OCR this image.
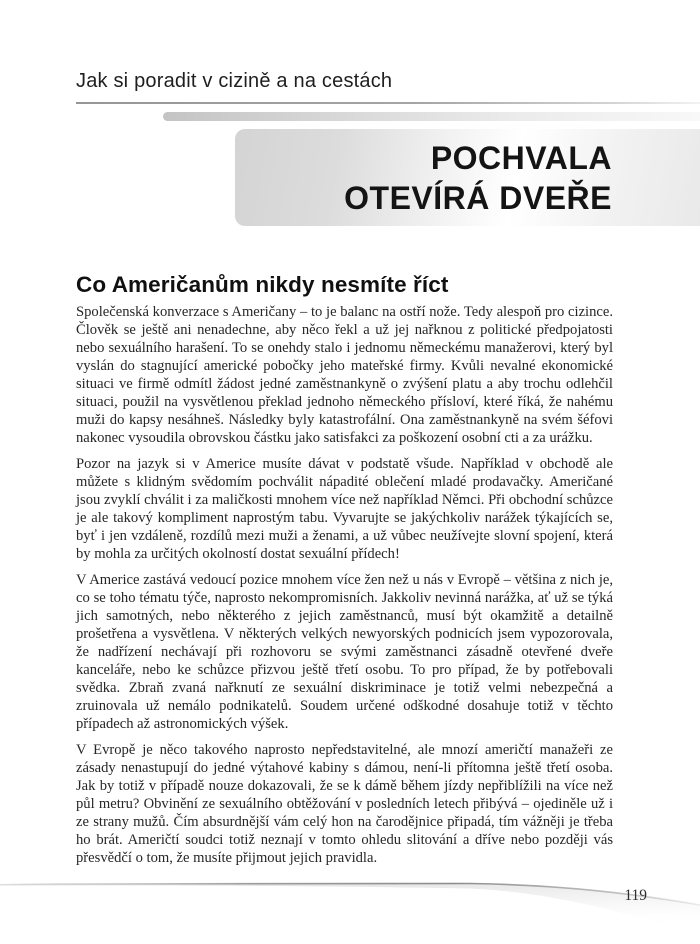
Jak si poradit v cizině a na cestách
POCHVALA
OTEVÍRÁ DVEŘE
Co Američanům nikdy nesmíte říct

Společenská konverzace s Američany – to je balanc na ostří nože. Tedy alespoň pro cizince. Člověk se ještě ani nenadechne, aby něco řekl a už jej nařknou z politické předpojatosti nebo sexuálního harašení. To se onehdy stalo i jednomu německému manažerovi, který byl vyslán do stagnující americké pobočky jeho mateřské firmy. Kvůli nevalné ekonomické situaci ve firmě odmítl žádost jedné zaměstnankyně o zvýšení platu a aby trochu odlehčil situaci, použil na vysvětlenou překlad jednoho německého přísloví, které říká, že nahému muži do kapsy nesáhneš. Následky byly katastrofální. Ona zaměstnankyně na svém šéfovi nakonec vysoudila obrovskou částku jako satisfakci za poškození osobní cti a za urážku.

Pozor na jazyk si v Americe musíte dávat v podstatě všude. Například v obchodě ale můžete s klidným svědomím pochválit nápadité oblečení mladé prodavačky. Američané jsou zvyklí chválit i za maličkosti mnohem více než například Němci. Při obchodní schůzce je ale takový kompliment naprostým tabu. Vyvarujte se jakýchkoliv narážek týkajících se, byť i jen vzdáleně, rozdílů mezi muži a ženami, a už vůbec neužívejte slovní spojení, která by mohla za určitých okolností dostat sexuální přídech!

V Americe zastává vedoucí pozice mnohem více žen než u nás v Evropě – většina z nich je, co se toho tématu týče, naprosto nekompromisních. Jakkoliv nevinná narážka, ať už se týká jich samotných, nebo některého z jejich zaměstnanců, musí být okamžitě a detailně prošetřena a vysvětlena. V některých velkých newyorských podnicích jsem vypozorovala, že nadřízení nechávají při rozhovoru se svými zaměstnanci zásadně otevřené dveře kanceláře, nebo ke schůzce přizvou ještě třetí osobu. To pro případ, že by potřebovali svědka. Zbraň zvaná nařknutí ze sexuální diskriminace je totiž velmi nebezpečná a zruinovala už nemálo podnikatelů. Soudem určené odškodné dosahuje totiž v těchto případech až astronomických výšek.

V Evropě je něco takového naprosto nepředstavitelné, ale mnozí američtí manažeři ze zásady nenastupují do jedné výtahové kabiny s dámou, není-li přítomna ještě třetí osoba. Jak by totiž v případě nouze dokazovali, že se k dámě během jízdy nepřiblížili na více než půl metru? Obvinění ze sexuálního obtěžování v posledních letech přibývá – ojediněle už i ze strany mužů. Čím absurdnější vám celý hon na čarodějnice připadá, tím vážněji je třeba ho brát. Američtí soudci totiž neznají v tomto ohledu slitování a dříve nebo později vás přesvědčí o tom, že musíte přijmout jejich pravidla.

119
